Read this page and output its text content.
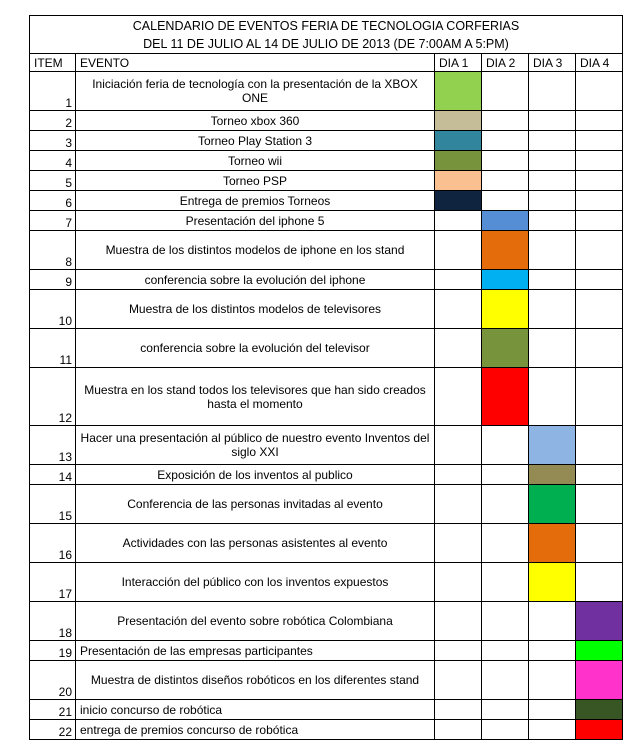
CALENDARIO DE EVENTOS FERIA DE TECNOLOGIA CORFERIAS					
DEL 11 DE JULIO AL 14 DE JULIO DE 2013 (DE 7:00AM A 5:PM)					
ITEM	EVENTO	DIA 1	DIA 2	DIA 3	DIA 4
1	Iniciación feria de tecnología con la presentación de la XBOX ONE				
2	Torneo xbox 360				
3	Torneo Play Station 3				
4	Torneo wii				
5	Torneo PSP				
6	Entrega de premios Torneos				
7	Presentación del iphone 5				
8	Muestra de los distintos modelos de iphone en los stand				
9	conferencia sobre la evolución del iphone				
10	Muestra de los distintos modelos de televisores				
11	conferencia sobre la evolución del televisor				
12	Muestra en los stand todos los televisores que han sido creados hasta el momento				
13	Hacer una presentación al público de nuestro evento Inventos del siglo XXI				
14	Exposición de los inventos al publico				
15	Conferencia de las personas invitadas al evento				
16	Actividades con las personas asistentes al evento				
17	Interacción del público con los inventos expuestos				
18	Presentación del evento sobre robótica Colombiana				
19	Presentación de las empresas participantes				
20	Muestra de distintos diseños robóticos en los diferentes stand				
21	inicio concurso de robótica				
22	entrega de premios concurso de robótica				
